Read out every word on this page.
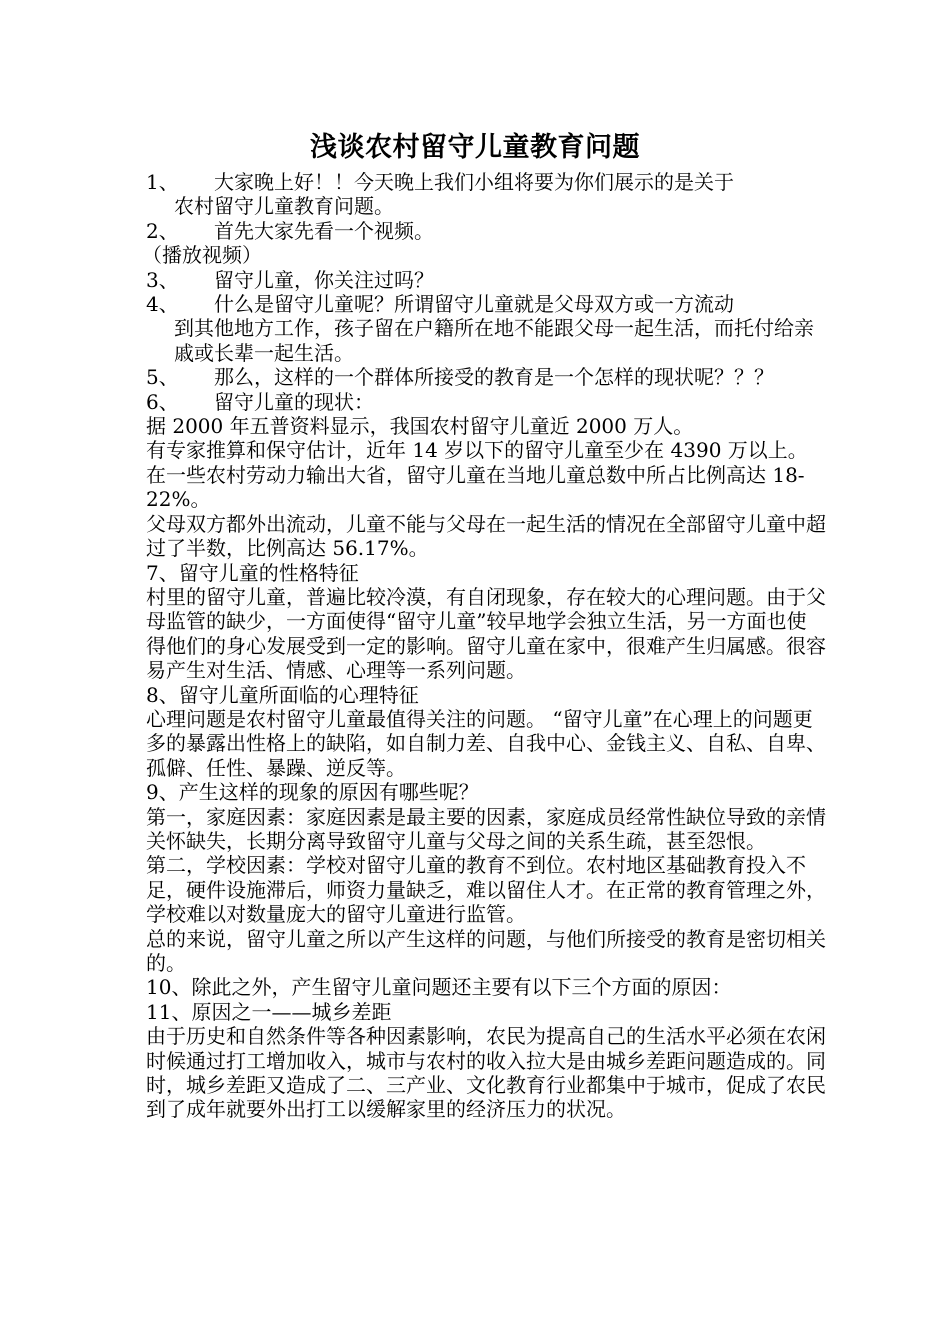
浅谈农村留守儿童教育问题
1、	大家晚上好！！今天晚上我们小组将要为你们展示的是关于
农村留守儿童教育问题。
2、	首先大家先看一个视频。

（播放视频）

3、	留守儿童，你关注过吗？
4、	什么是留守儿童呢？所谓留守儿童就是父母双方或一方流动
到其他地方工作，孩子留在户籍所在地不能跟父母一起生活，而托付给亲戚或长辈一起生活。
5、	那么，这样的一个群体所接受的教育是一个怎样的现状呢？？？
6、	留守儿童的现状：

据 2000 年五普资料显示，我国农村留守儿童近 2000 万人。

有专家推算和保守估计，近年 14 岁以下的留守儿童至少在 4390 万以上。

在一些农村劳动力输出大省，留守儿童在当地儿童总数中所占比例高达 18-22%。

父母双方都外出流动，儿童不能与父母在一起生活的情况在全部留守儿童中超过了半数，比例高达 56.17%。

7、留守儿童的性格特征

村里的留守儿童，普遍比较冷漠，有自闭现象，存在较大的心理问题。由于父母监管的缺少，一方面使得“留守儿童”较早地学会独立生活，另一方面也使得他们的身心发展受到一定的影响。留守儿童在家中，很难产生归属感。很容易产生对生活、情感、心理等一系列问题。

8、留守儿童所面临的心理特征

心理问题是农村留守儿童最值得关注的问题。 “留守儿童”在心理上的问题更多的暴露出性格上的缺陷，如自制力差、自我中心、金钱主义、自私、自卑、孤僻、任性、暴躁、逆反等。

9、产生这样的现象的原因有哪些呢？

第一，家庭因素：家庭因素是最主要的因素，家庭成员经常性缺位导致的亲情关怀缺失，长期分离导致留守儿童与父母之间的关系生疏，甚至怨恨。

第二，学校因素：学校对留守儿童的教育不到位。农村地区基础教育投入不足，硬件设施滞后，师资力量缺乏，难以留住人才。在正常的教育管理之外，学校难以对数量庞大的留守儿童进行监管。

总的来说，留守儿童之所以产生这样的问题，与他们所接受的教育是密切相关的。

10、除此之外，产生留守儿童问题还主要有以下三个方面的原因：

11、原因之一——城乡差距

由于历史和自然条件等各种因素影响，农民为提高自己的生活水平必须在农闲时候通过打工增加收入，城市与农村的收入拉大是由城乡差距问题造成的。同时，城乡差距又造成了二、三产业、文化教育行业都集中于城市，促成了农民到了成年就要外出打工以缓解家里的经济压力的状况。
